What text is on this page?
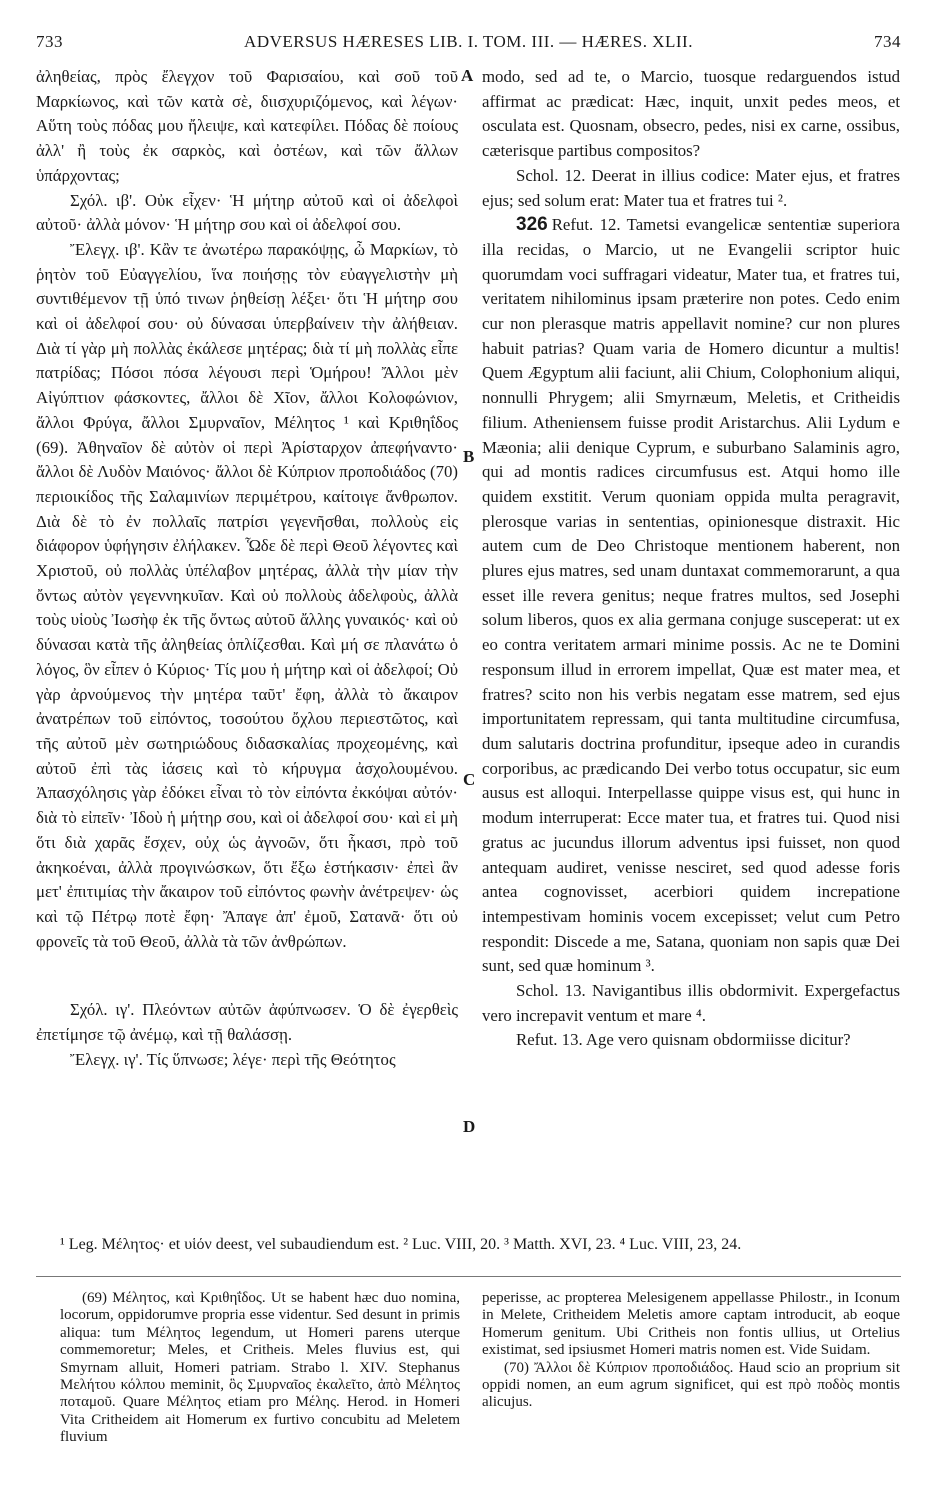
733	ADVERSUS HÆRESES LIB. I. TOM. III. — HÆRES. XLII.	734

ἀληθείας, πρὸς ἔλεγχον τοῦ Φαρισαίου, καὶ σοῦ τοῦ Μαρκίωνος, καὶ τῶν κατὰ σὲ, διισχυριζόμενος, καὶ λέγων· Αὕτη τοὺς πόδας μου ἤλειψε, καὶ κατεφίλει. Πόδας δὲ ποίους ἀλλ' ἢ τοὺς ἐκ σαρκὸς, καὶ ὀστέων, καὶ τῶν ἄλλων ὑπάρχοντας;

Σχόλ. ιβ'. Οὐκ εἶχεν· Ἡ μήτηρ αὐτοῦ καὶ οἱ ἀδελφοὶ αὐτοῦ· ἀλλὰ μόνον· Ἡ μήτηρ σου καὶ οἱ ἀδελφοί σου.

Ἔλεγχ. ιβ'. Κἂν τε ἀνωτέρω παρακόψῃς, ὦ Μαρκίων, τὸ ῥητὸν τοῦ Εὐαγγελίου, ἵνα ποιήσῃς τὸν εὐαγγελιστὴν μὴ συντιθέμενον τῇ ὑπό τινων ῥηθείσῃ λέξει· ὅτι Ἡ μήτηρ σου καὶ οἱ ἀδελφοί σου· οὐ δύνασαι ὑπερβαίνειν τὴν ἀλήθειαν. Διὰ τί γὰρ μὴ πολλὰς ἐκάλεσε μητέρας; διὰ τί μὴ πολλὰς εἶπε πατρίδας; Πόσοι πόσα λέγουσι περὶ Ὁμήρου! Ἄλλοι μὲν Αἰγύπτιον φάσκοντες, ἄλλοι δὲ Χῖον, ἄλλοι Κολοφώνιον, ἄλλοι Φρύγα, ἄλλοι Σμυρναῖον, Μέλητος ¹ καὶ Κριθηΐδος (69). Ἀθηναῖον δὲ αὐτὸν οἱ περὶ Ἀρίσταρχον ἀπεφήναντο· ἄλλοι δὲ Λυδὸν Μαιόνος· ἄλλοι δὲ Κύπριον προποδιάδος (70) περιοικίδος τῆς Σαλαμινίων περιμέτρου, καίτοιγε ἄνθρωπον. Διὰ δὲ τὸ ἐν πολλαῖς πατρίσι γεγενῆσθαι, πολλοὺς εἰς διάφορον ὑφήγησιν ἐλήλακεν. Ὧδε δὲ περὶ Θεοῦ λέγοντες καὶ Χριστοῦ, οὐ πολλὰς ὑπέλαβον μητέρας, ἀλλὰ τὴν μίαν τὴν ὄντως αὐτὸν γεγεννηκυῖαν. Καὶ οὐ πολλοὺς ἀδελφοὺς, ἀλλὰ τοὺς υἱοὺς Ἰωσὴφ ἐκ τῆς ὄντως αὐτοῦ ἄλλης γυναικός· καὶ οὐ δύνασαι κατὰ τῆς ἀληθείας ὁπλίζεσθαι. Καὶ μή σε πλανάτω ὁ λόγος, ὃν εἶπεν ὁ Κύριος· Τίς μου ἡ μήτηρ καὶ οἱ ἀδελφοί; Οὐ γὰρ ἀρνούμενος τὴν μητέρα ταῦτ' ἔφη, ἀλλὰ τὸ ἄκαιρον ἀνατρέπων τοῦ εἰπόντος, τοσούτου ὄχλου περιεστῶτος, καὶ τῆς αὐτοῦ μὲν σωτηριώδους διδασκαλίας προχεομένης, καὶ αὐτοῦ ἐπὶ τὰς ἰάσεις καὶ τὸ κήρυγμα ἀσχολουμένου. Ἀπασχόλησις γὰρ ἐδόκει εἶναι τὸ τὸν εἰπόντα ἐκκόψαι αὐτόν· διὰ τὸ εἰπεῖν· Ἰδοὺ ἡ μήτηρ σου, καὶ οἱ ἀδελφοί σου· καὶ εἰ μὴ ὅτι διὰ χαρᾶς ἔσχεν, οὐχ ὡς ἀγνοῶν, ὅτι ἧκασι, πρὸ τοῦ ἀκηκοέναι, ἀλλὰ προγινώσκων, ὅτι ἔξω ἑστήκασιν· ἐπεὶ ἂν μετ' ἐπιτιμίας τὴν ἄκαιρον τοῦ εἰπόντος φωνὴν ἀνέτρεψεν· ὡς καὶ τῷ Πέτρῳ ποτὲ ἔφη· Ἄπαγε ἀπ' ἐμοῦ, Σατανᾶ· ὅτι οὐ φρονεῖς τὰ τοῦ Θεοῦ, ἀλλὰ τὰ τῶν ἀνθρώπων.

Σχόλ. ιγ'. Πλεόντων αὐτῶν ἀφύπνωσεν. Ὁ δὲ ἐγερθεὶς ἐπετίμησε τῷ ἀνέμῳ, καὶ τῇ θαλάσσῃ.

Ἔλεγχ. ιγ'. Τίς ὕπνωσε; λέγε· περὶ τῆς Θεότητος

A
B
C
D

modo, sed ad te, o Marcio, tuosque redarguendos istud affirmat ac prædicat: Hæc, inquit, unxit pedes meos, et osculata est. Quosnam, obsecro, pedes, nisi ex carne, ossibus, cæterisque partibus compositos?

Schol. 12. Deerat in illius codice: Mater ejus, et fratres ejus; sed solum erat: Mater tua et fratres tui ².

326 Refut. 12. Tametsi evangelicæ sententiæ superiora illa recidas, o Marcio, ut ne Evangelii scriptor huic quorumdam voci suffragari videatur, Mater tua, et fratres tui, veritatem nihilominus ipsam præterire non potes. Cedo enim cur non plerasque matris appellavit nomine? cur non plures habuit patrias? Quam varia de Homero dicuntur a multis! Quem Ægyptum alii faciunt, alii Chium, Colophonium aliqui, nonnulli Phrygem; alii Smyrnæum, Meletis, et Critheidis filium. Atheniensem fuisse prodit Aristarchus. Alii Lydum e Mæonia; alii denique Cyprum, e suburbano Salaminis agro, qui ad montis radices circumfusus est. Atqui homo ille quidem exstitit. Verum quoniam oppida multa peragravit, plerosque varias in sententias, opinionesque distraxit. Hic autem cum de Deo Christoque mentionem haberent, non plures ejus matres, sed unam duntaxat commemorarunt, a qua esset ille revera genitus; neque fratres multos, sed Josephi solum liberos, quos ex alia germana conjuge susceperat: ut ex eo contra veritatem armari minime possis. Ac ne te Domini responsum illud in errorem impellat, Quæ est mater mea, et fratres? scito non his verbis negatam esse matrem, sed ejus importunitatem repressam, qui tanta multitudine circumfusa, dum salutaris doctrina profunditur, ipseque adeo in curandis corporibus, ac prædicando Dei verbo totus occupatur, sic eum ausus est alloqui. Interpellasse quippe visus est, qui hunc in modum interruperat: Ecce mater tua, et fratres tui. Quod nisi gratus ac jucundus illorum adventus ipsi fuisset, non quod antequam audiret, venisse nesciret, sed quod adesse foris antea cognovisset, acerbiori quidem increpatione intempestivam hominis vocem excepisset; velut cum Petro respondit: Discede a me, Satana, quoniam non sapis quæ Dei sunt, sed quæ hominum ³.

Schol. 13. Navigantibus illis obdormivit. Expergefactus vero increpavit ventum et mare ⁴.

Refut. 13. Age vero quisnam obdormiisse dicitur?

¹ Leg. Μέλητος· et υἱόν deest, vel subaudiendum est. ² Luc. VIII, 20. ³ Matth. XVI, 23. ⁴ Luc. VIII, 23, 24.

(69) Μέλητος, καὶ Κριθηΐδος. Ut se habent hæc duo nomina, locorum, oppidorumve propria esse videntur. Sed desunt in primis aliqua: tum Μέλητος legendum, ut Homeri parens uterque commemoretur; Meles, et Critheis. Meles fluvius est, qui Smyrnam alluit, Homeri patriam. Strabo l. XIV. Stephanus Μελήτου κόλπου meminit, ὃς Σμυρναῖος ἐκαλεῖτο, ἀπὸ Μέλητος ποταμοῦ. Quare Μέλητος etiam pro Μέλης. Herod. in Homeri Vita Critheidem ait Homerum ex furtivo concubitu ad Meletem fluvium

peperisse, ac propterea Melesigenem appellasse Philostr., in Iconum in Melete, Critheidem Meletis amore captam introducit, ab eoque Homerum genitum. Ubi Critheis non fontis ullius, ut Ortelius existimat, sed ipsiusmet Homeri matris nomen est. Vide Suidam.

(70) Ἄλλοι δὲ Κύπριον προποδιάδος. Haud scio an proprium sit oppidi nomen, an eum agrum significet, qui est πρὸ ποδὸς montis alicujus.
